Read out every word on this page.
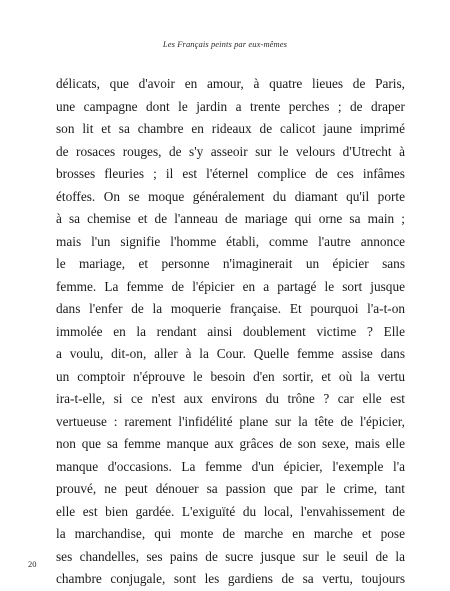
Les Français peints par eux-mêmes

délicats, que d'avoir en amour, à quatre lieues de Paris,
une campagne dont le jardin a trente perches ; de draper
son lit et sa chambre en rideaux de calicot jaune imprimé
de rosaces rouges, de s'y asseoir sur le velours d'Utrecht à
brosses fleuries ; il est l'éternel complice de ces infâmes
étoffes. On se moque généralement du diamant qu'il porte
à sa chemise et de l'anneau de mariage qui orne sa main ;
mais l'un signifie l'homme établi, comme l'autre annonce
le mariage, et personne n'imaginerait un épicier sans
femme. La femme de l'épicier en a partagé le sort jusque
dans l'enfer de la moquerie française. Et pourquoi l'a-t-on
immolée en la rendant ainsi doublement victime ? Elle
a voulu, dit-on, aller à la Cour. Quelle femme assise dans
un comptoir n'éprouve le besoin d'en sortir, et où la vertu
ira-t-elle, si ce n'est aux environs du trône ? car elle est
vertueuse : rarement l'infidélité plane sur la tête de l'épicier,
non que sa femme manque aux grâces de son sexe, mais elle
manque d'occasions. La femme d'un épicier, l'exemple l'a
prouvé, ne peut dénouer sa passion que par le crime, tant
elle est bien gardée. L'exiguïté du local, l'envahissement de
la marchandise, qui monte de marche en marche et pose
ses chandelles, ses pains de sucre jusque sur le seuil de la
chambre conjugale, sont les gardiens de sa vertu, toujours

20
